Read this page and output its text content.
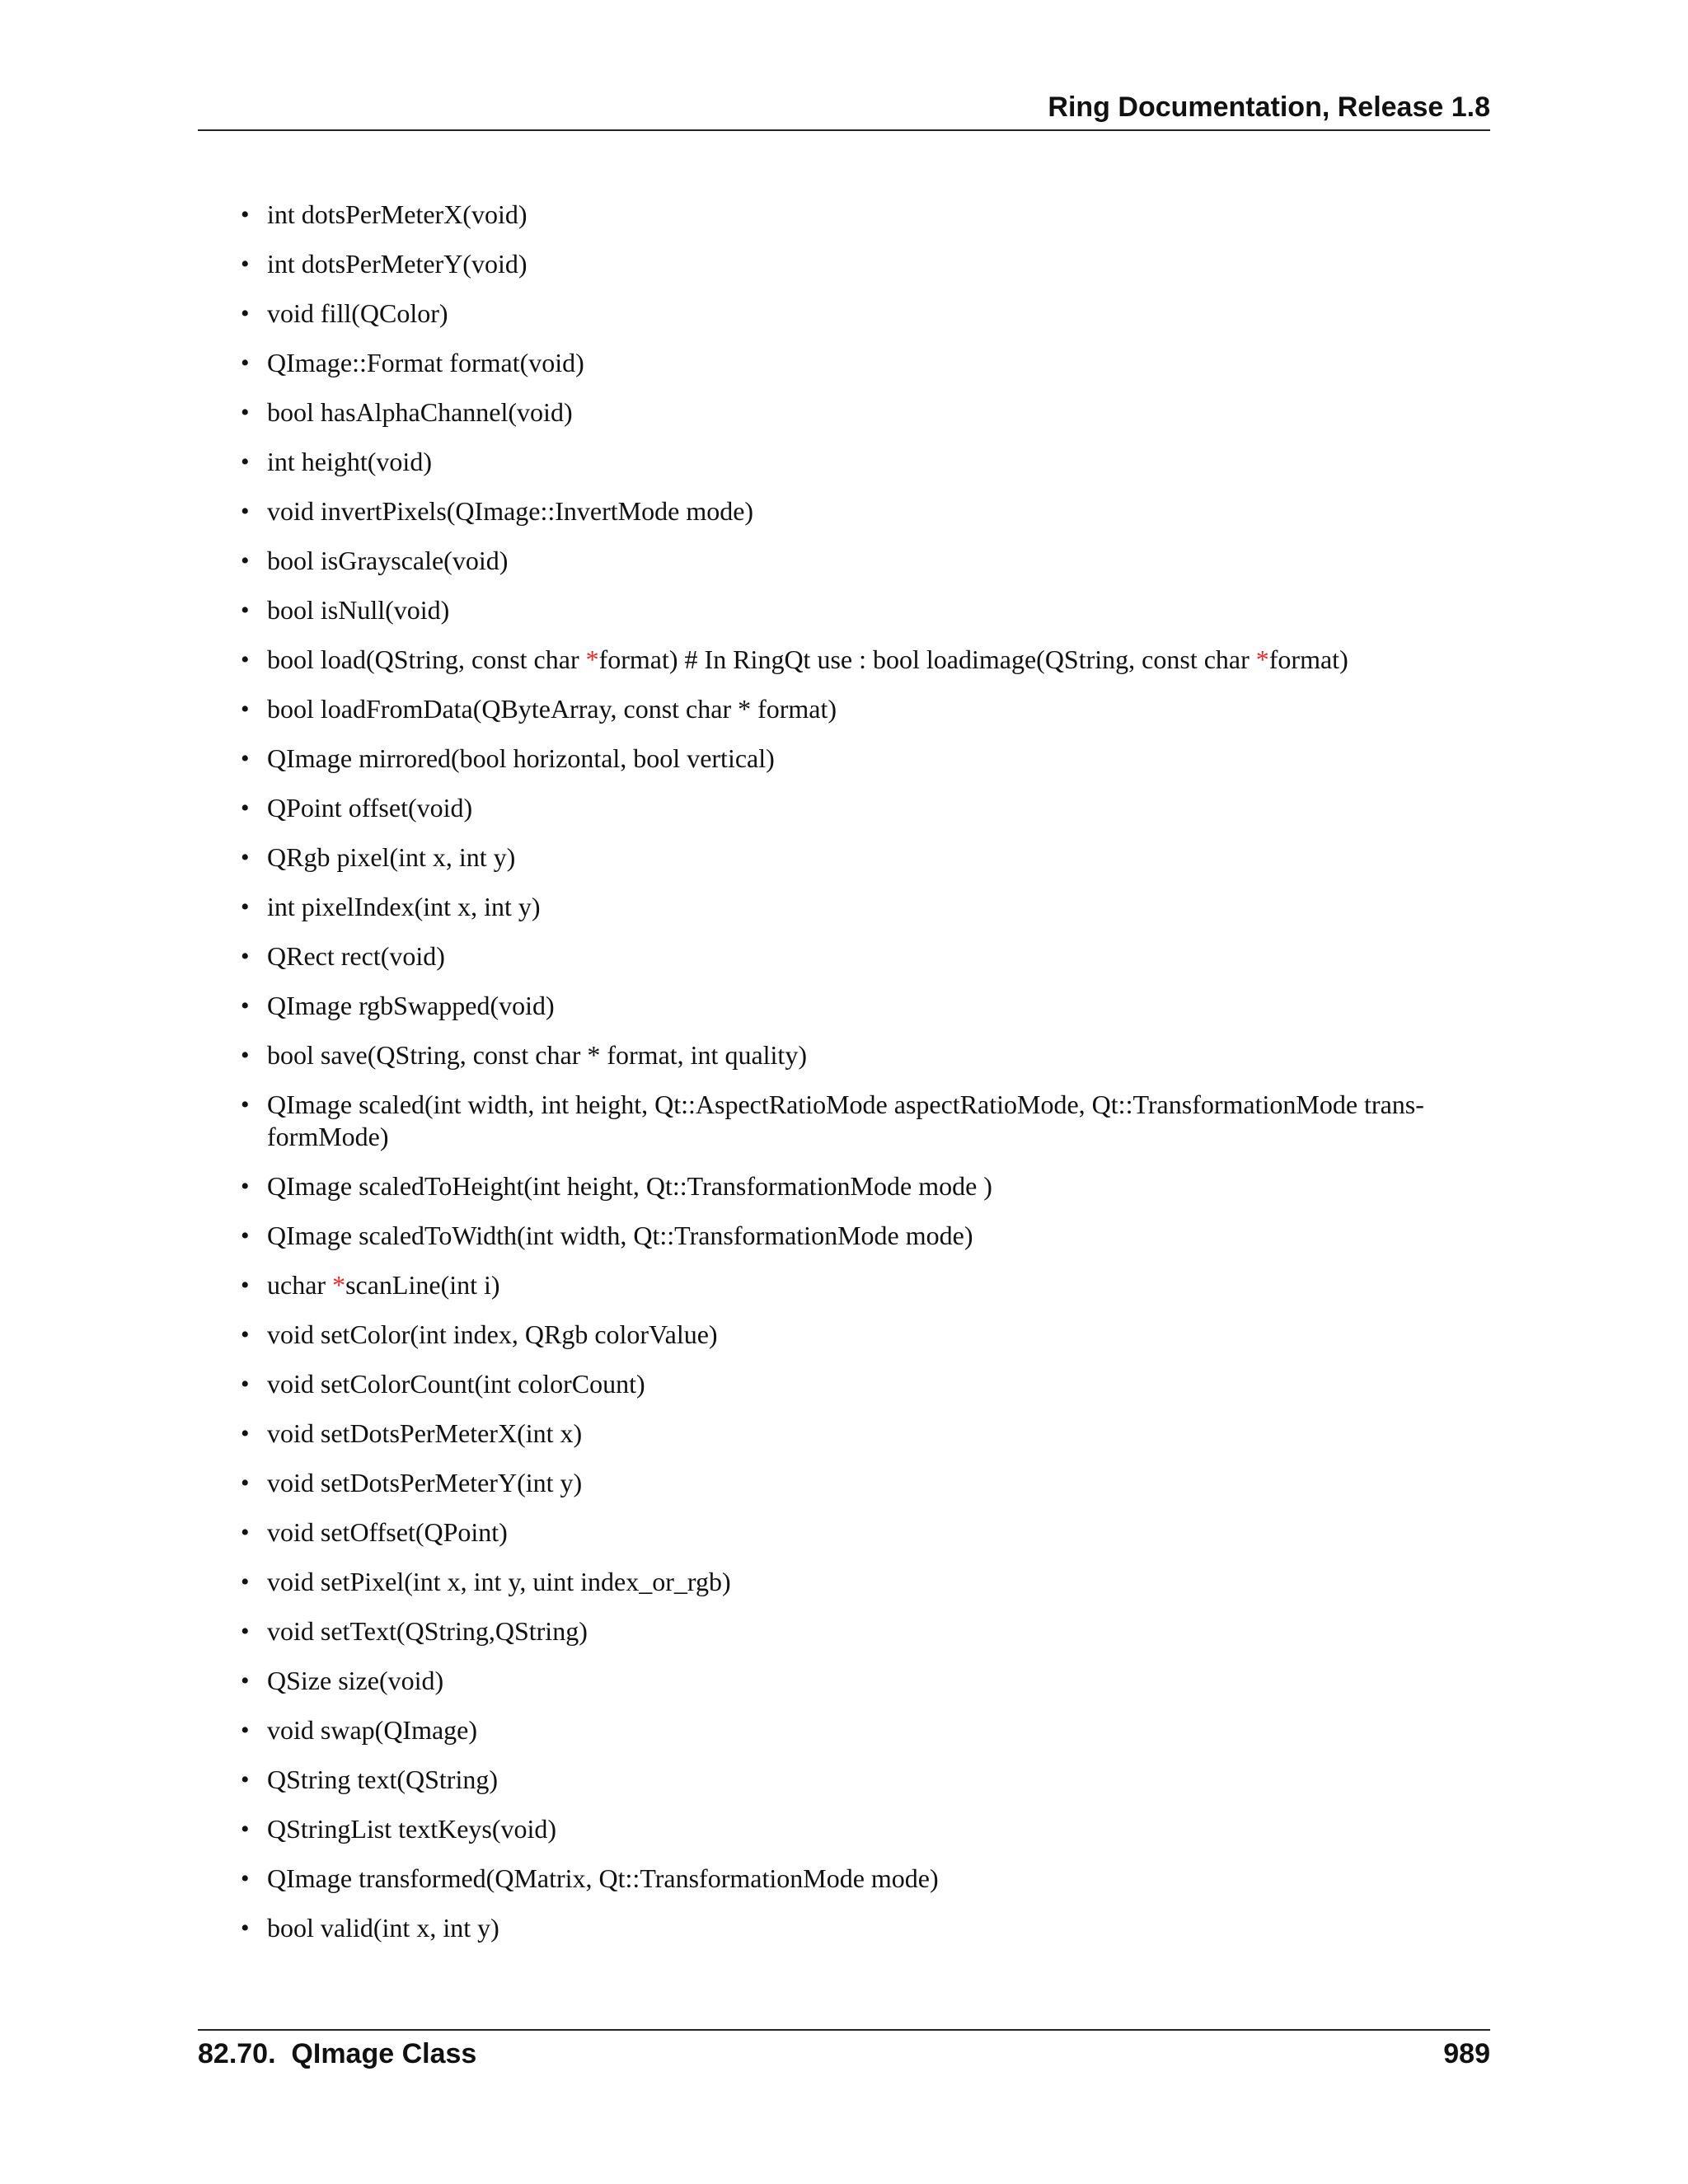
Ring Documentation, Release 1.8
• int dotsPerMeterX(void)
• int dotsPerMeterY(void)
• void fill(QColor)
• QImage::Format format(void)
• bool hasAlphaChannel(void)
• int height(void)
• void invertPixels(QImage::InvertMode mode)
• bool isGrayscale(void)
• bool isNull(void)
• bool load(QString, const char *format) # In RingQt use : bool loadimage(QString, const char *format)
• bool loadFromData(QByteArray, const char * format)
• QImage mirrored(bool horizontal, bool vertical)
• QPoint offset(void)
• QRgb pixel(int x, int y)
• int pixelIndex(int x, int y)
• QRect rect(void)
• QImage rgbSwapped(void)
• bool save(QString, const char * format, int quality)
• QImage scaled(int width, int height, Qt::AspectRatioMode aspectRatioMode, Qt::TransformationMode trans-formMode)
• QImage scaledToHeight(int height, Qt::TransformationMode mode )
• QImage scaledToWidth(int width, Qt::TransformationMode mode)
• uchar *scanLine(int i)
• void setColor(int index, QRgb colorValue)
• void setColorCount(int colorCount)
• void setDotsPerMeterX(int x)
• void setDotsPerMeterY(int y)
• void setOffset(QPoint)
• void setPixel(int x, int y, uint index_or_rgb)
• void setText(QString,QString)
• QSize size(void)
• void swap(QImage)
• QString text(QString)
• QStringList textKeys(void)
• QImage transformed(QMatrix, Qt::TransformationMode mode)
• bool valid(int x, int y)
82.70.  QImage Class	989
